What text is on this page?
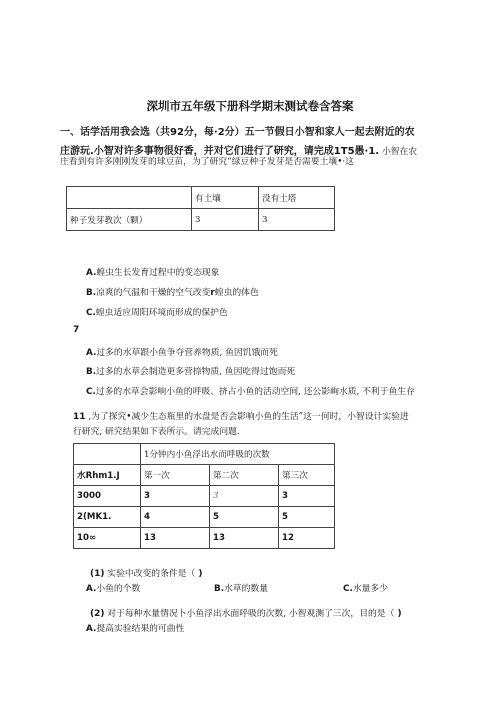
深圳市五年级下册科学期末测试卷含答案
一、话学活用我会选（共92分，每·2分）五一节假日小智和家人一起去附近的农
庄游玩.小智对许多事物很好香，并对它们进行了研究，请完成1T5愚·1. 小智在农
庄看到有许多刚刚发芽的球豆苗，为了研究“绿豆种子发芽是否需要土壤•·这
	有土壤	没有土塔
种子发芽教次（颗）	3	3
A.蝗虫生长发育过程中的变态现象
B.凉爽的气温和干燥的空气改变r蝗虫的体色
C.蝗虫适应周阳环境而形成的保护色
7
A.过多的水草跟小鱼争夺营养物质, 鱼因饥饿而死
B.过多的水草会制造更多营捺物质, 鱼因吃得过饱而死
C.过多的水草会影响小鱼的呼吸、挤占小鱼的活动空间, 还公影峋水质, 不利于鱼生存
11 ,为了探究•减少生态瓶里的水盘是否会影响小鱼的生活”这一何时，小智设计实验进
行研究, 研究结果如下表所示。请完成问题.
	1分钟内小鱼浮出水而呼吸的次数		
水Rhm1.J	第一次	第二次	第三次
3000	3	3	3
2(MK1.	4	5	5
10∞	13	13	12
(1) 实验中改变的条件是（ )
A.小鱼的个数	B.水草的数量	C.水量多少
(2) 对于每种水量情况卜小鱼浮出水面呼吸的次数, 小智观测了三次，目的是（ )
A.提高实验结果的可曲性
